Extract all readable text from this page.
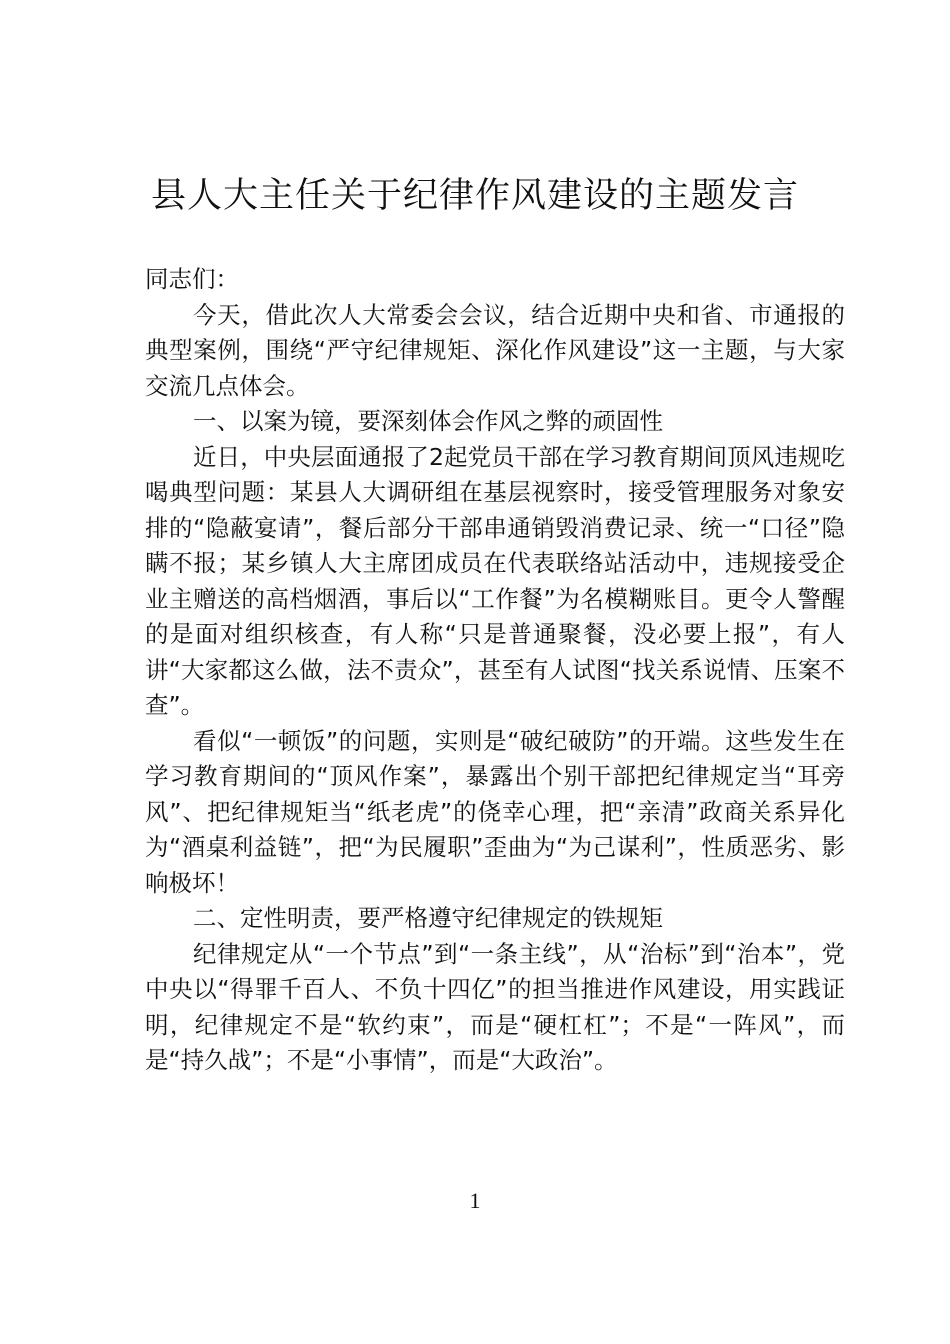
县人大主任关于纪律作风建设的主题发言

同志们：

今天，借此次人大常委会会议，结合近期中央和省、市通报的典型案例，围绕“严守纪律规矩、深化作风建设”这一主题，与大家交流几点体会。

一、以案为镜，要深刻体会作风之弊的顽固性

近日，中央层面通报了2起党员干部在学习教育期间顶风违规吃喝典型问题：某县人大调研组在基层视察时，接受管理服务对象安排的“隐蔽宴请”，餐后部分干部串通销毁消费记录、统一“口径”隐瞒不报；某乡镇人大主席团成员在代表联络站活动中，违规接受企业主赠送的高档烟酒，事后以“工作餐”为名模糊账目。更令人警醒的是面对组织核查，有人称“只是普通聚餐，没必要上报”，有人讲“大家都这么做，法不责众”，甚至有人试图“找关系说情、压案不查”。

看似“一顿饭”的问题，实则是“破纪破防”的开端。这些发生在学习教育期间的“顶风作案”，暴露出个别干部把纪律规定当“耳旁风”、把纪律规矩当“纸老虎”的侥幸心理，把“亲清”政商关系异化为“酒桌利益链”，把“为民履职”歪曲为“为己谋利”，性质恶劣、影响极坏！

二、定性明责，要严格遵守纪律规定的铁规矩

纪律规定从“一个节点”到“一条主线”，从“治标”到“治本”，党中央以“得罪千百人、不负十四亿”的担当推进作风建设，用实践证明，纪律规定不是“软约束”，而是“硬杠杠”；不是“一阵风”，而是“持久战”；不是“小事情”，而是“大政治”。

1
